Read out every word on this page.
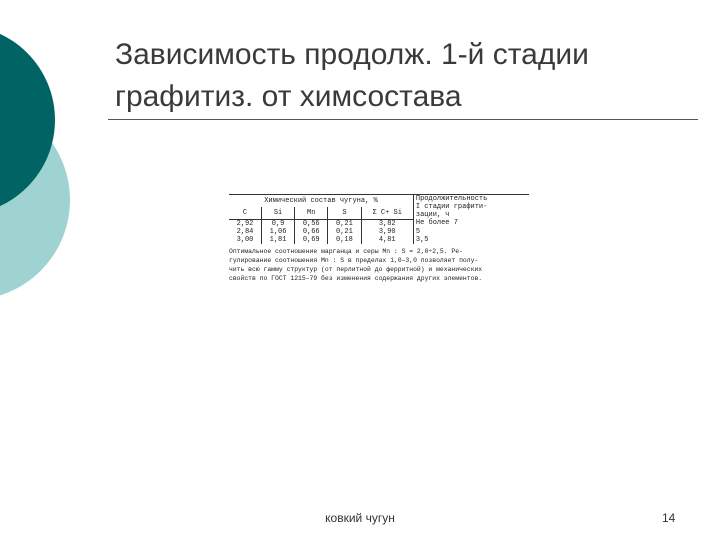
Зависимость продолж. 1-й стадии
графитиз. от химсостава
Химический состав чугуна, %					Продолжительность
I стадии графити-
зации, ч

C	Si	Mn	S	Σ C+ Si	
2,92	0,9	0,56	0,21	3,82	Не более 7
2,84	1,06	0,66	0,21	3,90	5
3,00	1,81	0,69	0,18	4,81	3,5
Оптимальное соотношение марганца и серы Mn : S = 2,0÷2,5. Ре-
гулирование соотношения Mn : S в пределах 1,0–3,0 позволяет полу-
чить всю гамму структур (от перлитной до ферритной) и механических
свойств по ГОСТ 1215–79 без изменения содержания других элементов.
ковкий чугун	14
